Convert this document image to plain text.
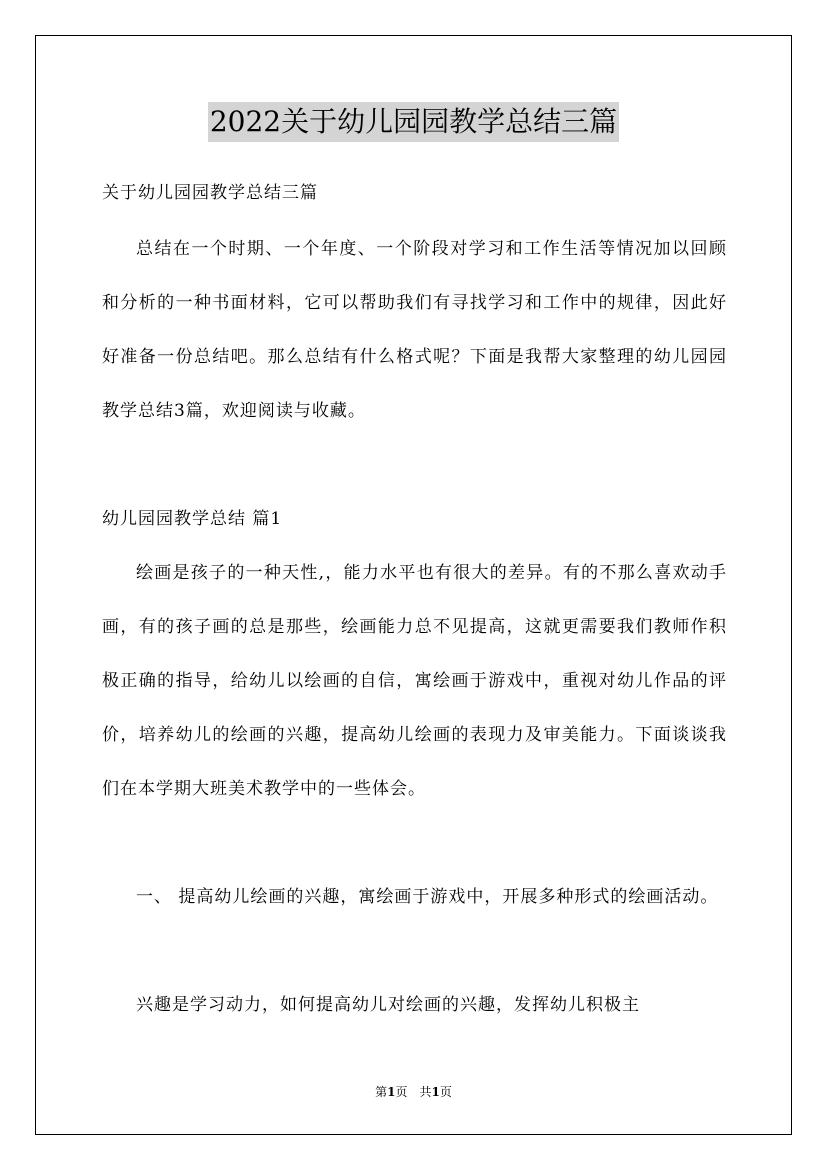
2022关于幼儿园园教学总结三篇
关于幼儿园园教学总结三篇

总结在一个时期、一个年度、一个阶段对学习和工作生活等情况加以回顾和分析的一种书面材料，它可以帮助我们有寻找学习和工作中的规律，因此好好准备一份总结吧。那么总结有什么格式呢？下面是我帮大家整理的幼儿园园教学总结3篇，欢迎阅读与收藏。

幼儿园园教学总结 篇1

绘画是孩子的一种天性,，能力水平也有很大的差异。有的不那么喜欢动手画，有的孩子画的总是那些，绘画能力总不见提高，这就更需要我们教师作积极正确的指导，给幼儿以绘画的自信，寓绘画于游戏中，重视对幼儿作品的评价，培养幼儿的绘画的兴趣，提高幼儿绘画的表现力及审美能力。下面谈谈我们在本学期大班美术教学中的一些体会。

一、 提高幼儿绘画的兴趣，寓绘画于游戏中，开展多种形式的绘画活动。

兴趣是学习动力，如何提高幼儿对绘画的兴趣，发挥幼儿积极主

第1页　共1页
